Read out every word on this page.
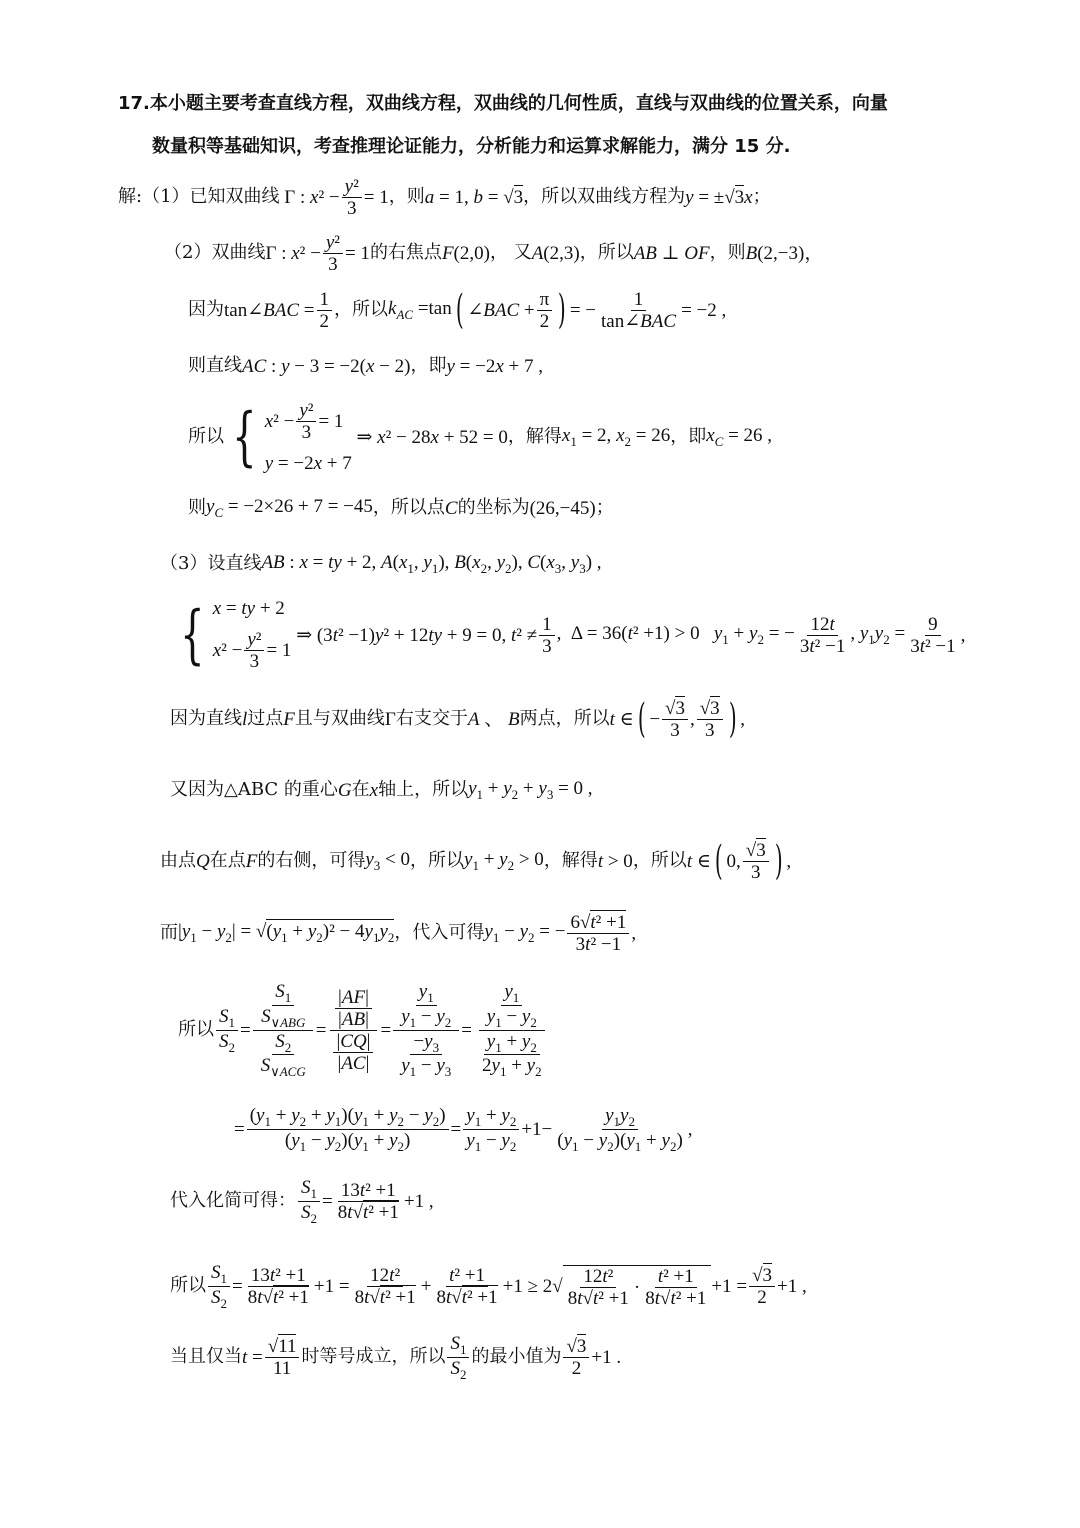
17.本小题主要考查直线方程，双曲线方程，双曲线的几何性质，直线与双曲线的位置关系，向量
数量积等基础知识，考查推理论证能力，分析能力和运算求解能力，满分 15 分.
解: （1）已知双曲线 Γ : $x^2 - \frac{\text{y²}}{3} = 1$ ，则 a = 1, b = √3 ，所以双曲线方程为 y = ±√3x ；
（2）双曲线 Γ : $x^2 - \frac{\text{y²}}{3} = 1$ 的右焦点 F(2,0) ， 又 A(2,3) ，所以 AB ⊥ OF ，则 B(2,−3)，
因为 tan∠BAC = $\frac{1}{2}$ ，所以 $k_{AC} =\tan$ ( ∠BAC + $\frac{\pi}{2}$ ) = − $\frac{1}{\text{tan∠BAC}} = -2$ ,
则直线 AC : y − 3 = −2(x − 2) ，即 y = −2x + 7 ,
所以 { x $^2 - \frac{\text{y²}}{3} = 1$
y = −2x + 7
⇒ x² − 28x + 52 = 0 ，解得 $x_1 = 2$, $x_2 = 26$ ，即 $x_C = 26$ ,
则 $y_C = -2\times 26 + 7 = -45$ ，所以点 C 的坐标为 (26,−45) ；
（3）设直线 AB : x = ty + 2, $A(x_1$, $y_1$), $B(x_2$, $y_2$), $C(x_3$, $y_3$) ,
{ x = ty + 2
x $^2 - \frac{\text{y²}}{3} = 1$
⇒ (3t² −1)y² + 12ty + 9 = 0, $t^2 \ne \frac{1}{3}$ ,  Δ = 36(t² +1) > 0   $y_1 + y_2$ = − $\frac{12t}{\text{3t² −1}}$ , $y_1y_2 = \frac{9}{\text{3t² −1}}$ ,
因为直线 l 过点 F 且与双曲线 Γ 右支交于 A 、 B 两点，所以 t ∈ ( − $\frac{√3}{3}$ , $\frac{√3}{3}$ ) ,
又因为△ABC 的重心 G 在 x 轴上，所以 $y_1 + y_2 + y_3 = 0$ ,
由点 Q 在点 F 的右侧，可得 $y_3 < 0$ ，所以 $y_1 + y_2 > 0$ ，解得 t > 0 ，所以 t ∈ ( 0, $\frac{√3}{3}$ ) ,
而 $|y_1 - y_2| = √(y_1 + y_2)^2 - 4y_1y_2$ ，代入可得 $y_1 - y_2$ = − $\frac{\text{6√t² +1}}{\text{3t² −1}}$ ,
所以 $\frac{S_1}{S_2} = \frac{\frac{S_1}{S_{\vee ABG}}}{\frac{S_2}{S_{\vee ACG}}} = \frac{\frac{|AF|}{|AB|}}{\frac{|CQ|}{|AC|}} = \frac{\frac{y_1}{y_1 - y_2}}{\frac{-y_3}{y_1 - y_3}} = \frac{\frac{y_1}{y_1 - y_2}}{\frac{y_1 + y_2}{2y_1 + y_2}}$
= $\frac{(y_1 + y_2 + y_1)(y_1 + y_2 - y_2)}{(y_1 - y_2)(y_1 + y_2)} = \frac{y_1 + y_2}{y_1 - y_2} +1- \frac{y_1y_2}{(y_1 - y_2)(y_1 + y_2)}$ ,
代入化简可得： $\frac{S_1}{S_2} = \frac{\text{13t² +1}}{\text{8t√t² +1}} +1$ ,
所以 $\frac{S_1}{S_2} = \frac{\text{13t² +1}}{\text{8t√t² +1}} +1 = \frac{\text{12t²}}{\text{8t√t² +1}} + \frac{\text{t² +1}}{\text{8t√t² +1}} +1 \ge 2√ \frac{\text{12t²}}{\text{8t√t² +1}} \cdot \frac{\text{t² +1}}{\text{8t√t² +1}} +1 = \frac{√3}{2} +1$ ,
当且仅当 $t = \frac{√11}{11}$ 时等号成立，所以 $\frac{S_1}{S_2}$ 的最小值为 $\frac{√3}{2} +1$ .
